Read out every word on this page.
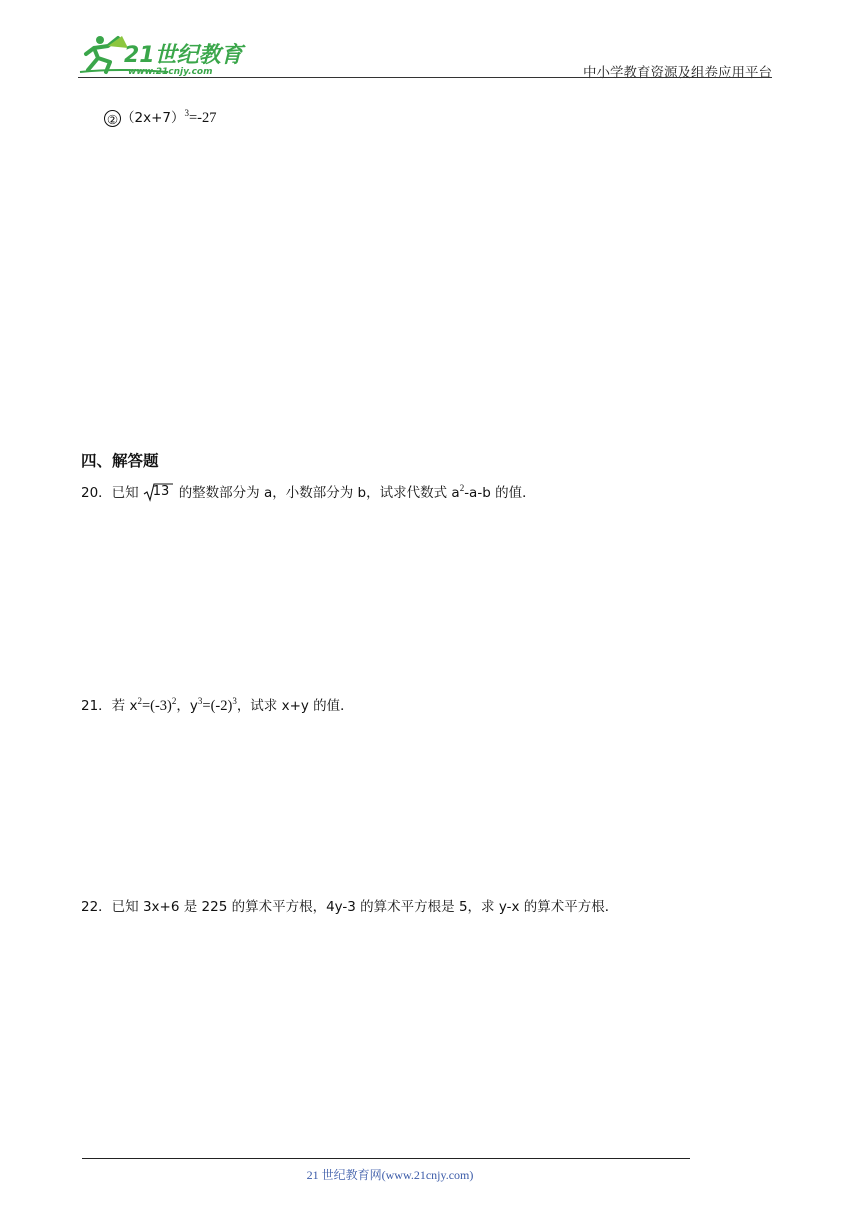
21世纪教育
www.21cnjy.com	中小学教育资源及组卷应用平台
② $(2x+7)^3=-27$
四、解答题
20．已知 13 的整数部分为 a，小数部分为 b，试求代数式 $a^2-a-b$ 的值．
21．若 $x^2=(-3)^2$，$y^3=(-2)^3$，试求 x+y 的值．
22．已知 3x+6 是 225 的算术平方根，4y-3 的算术平方根是 5，求 y-x 的算术平方根．
21 世纪教育网(www.21cnjy.com)
